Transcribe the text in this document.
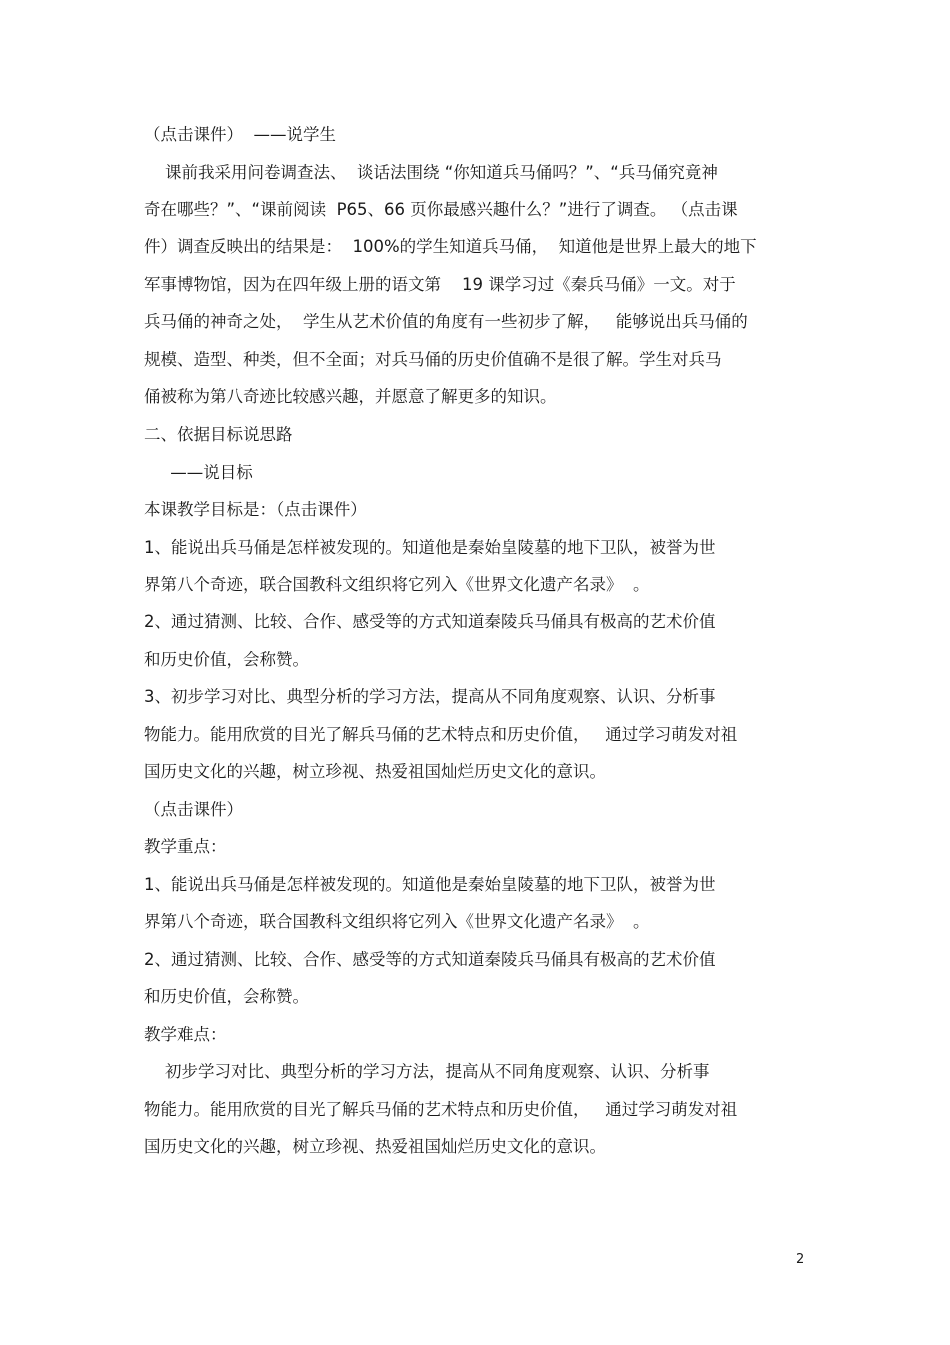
（点击课件）  ——说学生
课前我采用问卷调查法、  谈话法围绕 “你知道兵马俑吗？”、“兵马俑究竟神
奇在哪些？”、“课前阅读  P65、66 页你最感兴趣什么？”进行了调查。 （点击课
件）调查反映出的结果是：  100%的学生知道兵马俑，  知道他是世界上最大的地下
军事博物馆，因为在四年级上册的语文第    19 课学习过《秦兵马俑》一文。对于
兵马俑的神奇之处，  学生从艺术价值的角度有一些初步了解，   能够说出兵马俑的
规模、造型、种类，但不全面；对兵马俑的历史价值确不是很了解。学生对兵马
俑被称为第八奇迹比较感兴趣，并愿意了解更多的知识。
二、依据目标说思路
——说目标
本课教学目标是：（点击课件）
1、能说出兵马俑是怎样被发现的。知道他是秦始皇陵墓的地下卫队，被誉为世
界第八个奇迹，联合国教科文组织将它列入《世界文化遗产名录》  。
2、通过猜测、比较、合作、感受等的方式知道秦陵兵马俑具有极高的艺术价值
和历史价值，会称赞。
3、初步学习对比、典型分析的学习方法，提高从不同角度观察、认识、分析事
物能力。能用欣赏的目光了解兵马俑的艺术特点和历史价值，   通过学习萌发对祖
国历史文化的兴趣，树立珍视、热爱祖国灿烂历史文化的意识。
（点击课件）
教学重点：
1、能说出兵马俑是怎样被发现的。知道他是秦始皇陵墓的地下卫队，被誉为世
界第八个奇迹，联合国教科文组织将它列入《世界文化遗产名录》  。
2、通过猜测、比较、合作、感受等的方式知道秦陵兵马俑具有极高的艺术价值
和历史价值，会称赞。
教学难点：
初步学习对比、典型分析的学习方法，提高从不同角度观察、认识、分析事
物能力。能用欣赏的目光了解兵马俑的艺术特点和历史价值，   通过学习萌发对祖
国历史文化的兴趣，树立珍视、热爱祖国灿烂历史文化的意识。
2
